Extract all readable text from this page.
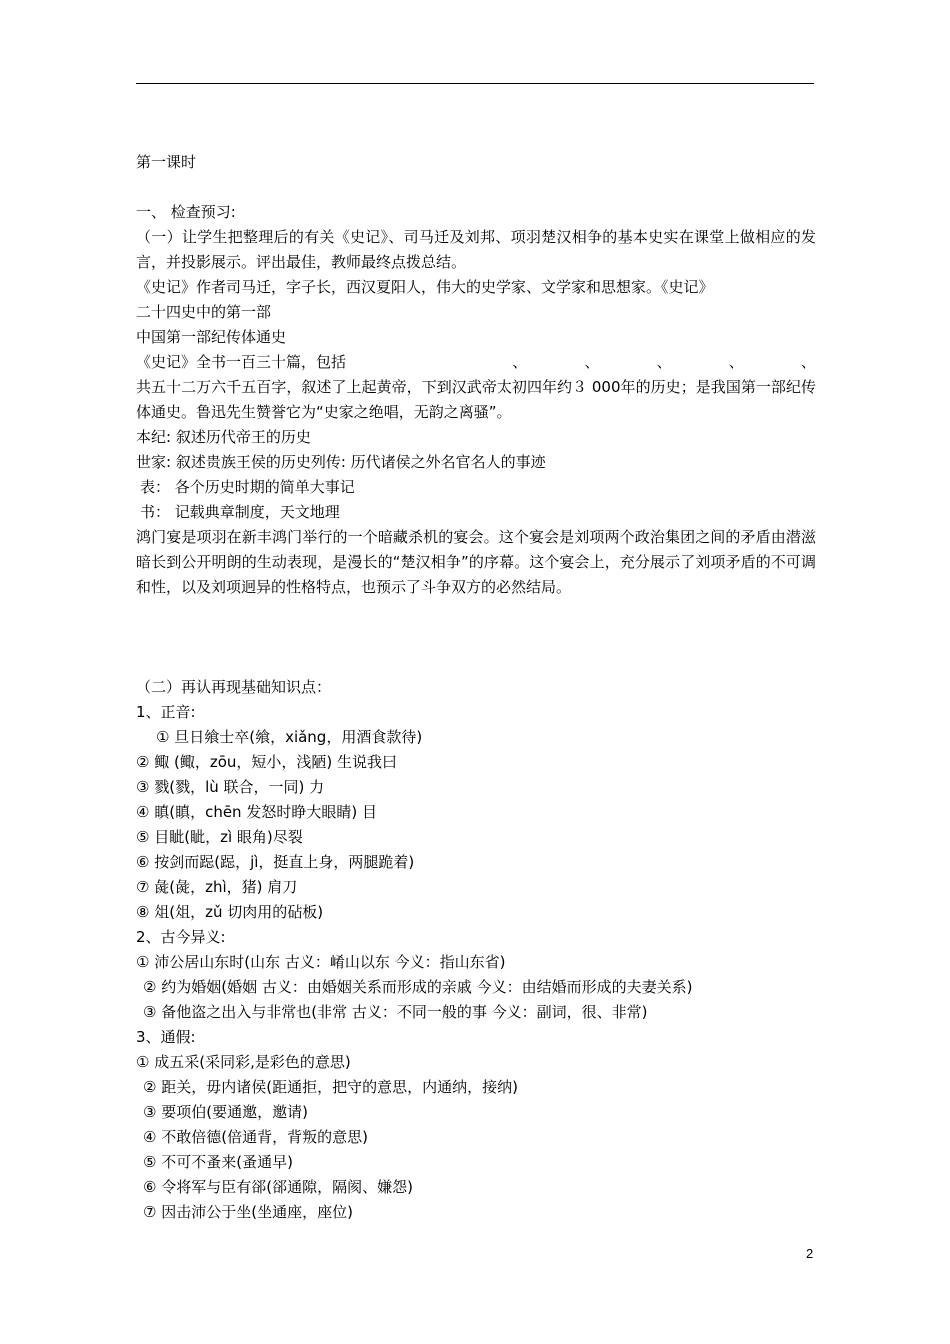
第一课时

一、 检查预习:

（一）让学生把整理后的有关《史记》、司马迁及刘邦、项羽楚汉相争的基本史实在课堂上做相应的发言，并投影展示。评出最佳，教师最终点拨总结。

《史记》作者司马迁，字子长，西汉夏阳人，伟大的史学家、文学家和思想家。《史记》

二十四史中的第一部

中国第一部纪传体通史

《史记》全书一百三十篇，包括	、	、	、	、	、

共五十二万六千五百字，叙述了上起黄帝，下到汉武帝太初四年约３ 000年的历史；是我国第一部纪传体通史。鲁迅先生赞誉它为“史家之绝唱，无韵之离骚”。

本纪: 叙述历代帝王的历史

世家: 叙述贵族王侯的历史列传: 历代诸侯之外名官名人的事迹

表： 各个历史时期的简单大事记

书： 记载典章制度，天文地理

鸿门宴是项羽在新丰鸿门举行的一个暗藏杀机的宴会。这个宴会是刘项两个政治集团之间的矛盾由潜滋暗长到公开明朗的生动表现，是漫长的“楚汉相争”的序幕。这个宴会上，充分展示了刘项矛盾的不可调和性，以及刘项迥异的性格特点，也预示了斗争双方的必然结局。

（二）再认再现基础知识点：

1、正音:

① 旦日飨士卒(飨，xiǎng，用酒食款待)

② 鲰 (鲰，zōu，短小，浅陋) 生说我曰

③ 戮(戮，lù 联合，一同) 力

④ 瞋(瞋，chēn 发怒时睁大眼睛) 目

⑤ 目眦(眦，zì 眼角)尽裂

⑥ 按剑而跽(跽，jì，挺直上身，两腿跪着)

⑦ 彘(彘，zhì，猪) 肩刀

⑧ 俎(俎，zǔ 切肉用的砧板)

2、古今异义:

① 沛公居山东时(山东 古义：崤山以东 今义：指山东省)

② 约为婚姻(婚姻 古义：由婚姻关系而形成的亲戚 今义：由结婚而形成的夫妻关系)

③ 备他盗之出入与非常也(非常 古义：不同一般的事 今义：副词，很、非常)

3、通假:

① 成五采(采同彩,是彩色的意思)

② 距关，毋内诸侯(距通拒，把守的意思，内通纳，接纳)

③ 要项伯(要通邀，邀请)

④ 不敢倍德(倍通背，背叛的意思)

⑤ 不可不蚤来(蚤通早)

⑥ 令将军与臣有郤(郤通隙，隔阂、嫌怨)

⑦ 因击沛公于坐(坐通座，座位)

2
